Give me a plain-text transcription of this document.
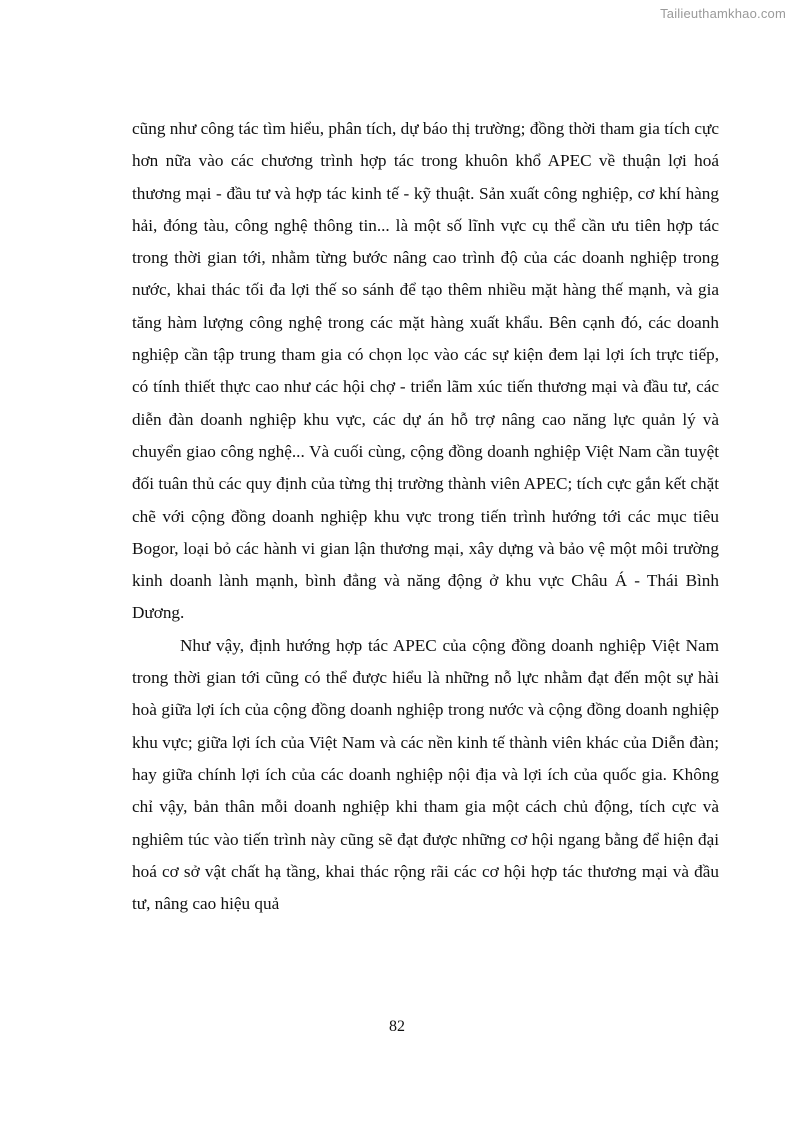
Tailieuthamkhao.com

cũng như công tác tìm hiểu, phân tích, dự báo thị trường; đồng thời tham gia tích cực hơn nữa vào các chương trình hợp tác trong khuôn khổ APEC về thuận lợi hoá thương mại - đầu tư và hợp tác kinh tế - kỹ thuật. Sản xuất công nghiệp, cơ khí hàng hải, đóng tàu, công nghệ thông tin... là một số lĩnh vực cụ thể cần ưu tiên hợp tác trong thời gian tới, nhằm từng bước nâng cao trình độ của các doanh nghiệp trong nước, khai thác tối đa lợi thế so sánh để tạo thêm nhiều mặt hàng thế mạnh, và gia tăng hàm lượng công nghệ trong các mặt hàng xuất khẩu. Bên cạnh đó, các doanh nghiệp cần tập trung tham gia có chọn lọc vào các sự kiện đem lại lợi ích trực tiếp, có tính thiết thực cao như các hội chợ - triển lãm xúc tiến thương mại và đầu tư, các diễn đàn doanh nghiệp khu vực, các dự án hỗ trợ nâng cao năng lực quản lý và chuyển giao công nghệ... Và cuối cùng, cộng đồng doanh nghiệp Việt Nam cần tuyệt đối tuân thủ các quy định của từng thị trường thành viên APEC; tích cực gắn kết chặt chẽ với cộng đồng doanh nghiệp khu vực trong tiến trình hướng tới các mục tiêu Bogor, loại bỏ các hành vi gian lận thương mại, xây dựng và bảo vệ một môi trường kinh doanh lành mạnh, bình đẳng và năng động ở khu vực Châu Á - Thái Bình Dương.

Như vậy, định hướng hợp tác APEC của cộng đồng doanh nghiệp Việt Nam trong thời gian tới cũng có thể được hiểu là những nỗ lực nhằm đạt đến một sự hài hoà giữa lợi ích của cộng đồng doanh nghiệp trong nước và cộng đồng doanh nghiệp khu vực; giữa lợi ích của Việt Nam và các nền kinh tế thành viên khác của Diễn đàn; hay giữa chính lợi ích của các doanh nghiệp nội địa và lợi ích của quốc gia. Không chỉ vậy, bản thân mỗi doanh nghiệp khi tham gia một cách chủ động, tích cực và nghiêm túc vào tiến trình này cũng sẽ đạt được những cơ hội ngang bằng để hiện đại hoá cơ sở vật chất hạ tầng, khai thác rộng rãi các cơ hội hợp tác thương mại và đầu tư, nâng cao hiệu quả

82
